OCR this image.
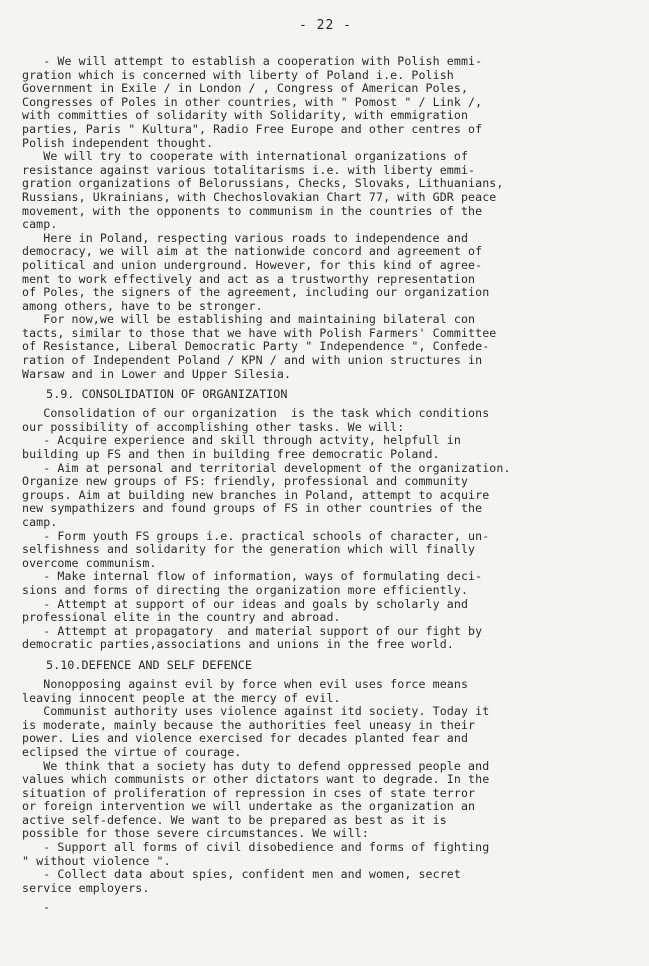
- 22 -
- We will attempt to establish a cooperation with Polish emmi-
gration which is concerned with liberty of Poland i.e. Polish
Government in Exile / in London / , Congress of American Poles,
Congresses of Poles in other countries, with " Pomost " / Link /,
with committies of solidarity with Solidarity, with emmigration
parties, Paris " Kultura", Radio Free Europe and other centres of
Polish independent thought.
We will try to cooperate with international organizations of
resistance against various totalitarisms i.e. with liberty emmi-
gration organizations of Belorussians, Checks, Slovaks, Lithuanians,
Russians, Ukrainians, with Chechoslovakian Chart 77, with GDR peace
movement, with the opponents to communism in the countries of the
camp.
Here in Poland, respecting various roads to independence and
democracy, we will aim at the nationwide concord and agreement of
political and union underground. However, for this kind of agree-
ment to work effectively and act as a trustworthy representation
of Poles, the signers of the agreement, including our organization
among others, have to be stronger.
For now,we will be establishing and maintaining bilateral con
tacts, similar to those that we have with Polish Farmers' Committee
of Resistance, Liberal Democratic Party " Independence ", Confede-
ration of Independent Poland / KPN / and with union structures in
Warsaw and in Lower and Upper Silesia.
5.9. CONSOLIDATION OF ORGANIZATION
Consolidation of our organization  is the task which conditions
our possibility of accomplishing other tasks. We will:
- Acquire experience and skill through actvity, helpfull in
building up FS and then in building free democratic Poland.
- Aim at personal and territorial development of the organization.
Organize new groups of FS: friendly, professional and community
groups. Aim at building new branches in Poland, attempt to acquire
new sympathizers and found groups of FS in other countries of the
camp.
- Form youth FS groups i.e. practical schools of character, un-
selfishness and solidarity for the generation which will finally
overcome communism.
- Make internal flow of information, ways of formulating deci-
sions and forms of directing the organization more efficiently.
- Attempt at support of our ideas and goals by scholarly and
professional elite in the country and abroad.
- Attempt at propagatory  and material support of our fight by
democratic parties,associations and unions in the free world.
5.10.DEFENCE AND SELF DEFENCE
Nonopposing against evil by force when evil uses force means
leaving innocent people at the mercy of evil.
Communist authority uses violence against itd society. Today it
is moderate, mainly because the authorities feel uneasy in their
power. Lies and violence exercised for decades planted fear and
eclipsed the virtue of courage.
We think that a society has duty to defend oppressed people and
values which communists or other dictators want to degrade. In the
situation of proliferation of repression in cses of state terror
or foreign intervention we will undertake as the organization an
active self-defence. We want to be prepared as best as it is
possible for those severe circumstances. We will:
- Support all forms of civil disobedience and forms of fighting
" without violence ".
- Collect data about spies, confident men and women, secret
service employers.
-
